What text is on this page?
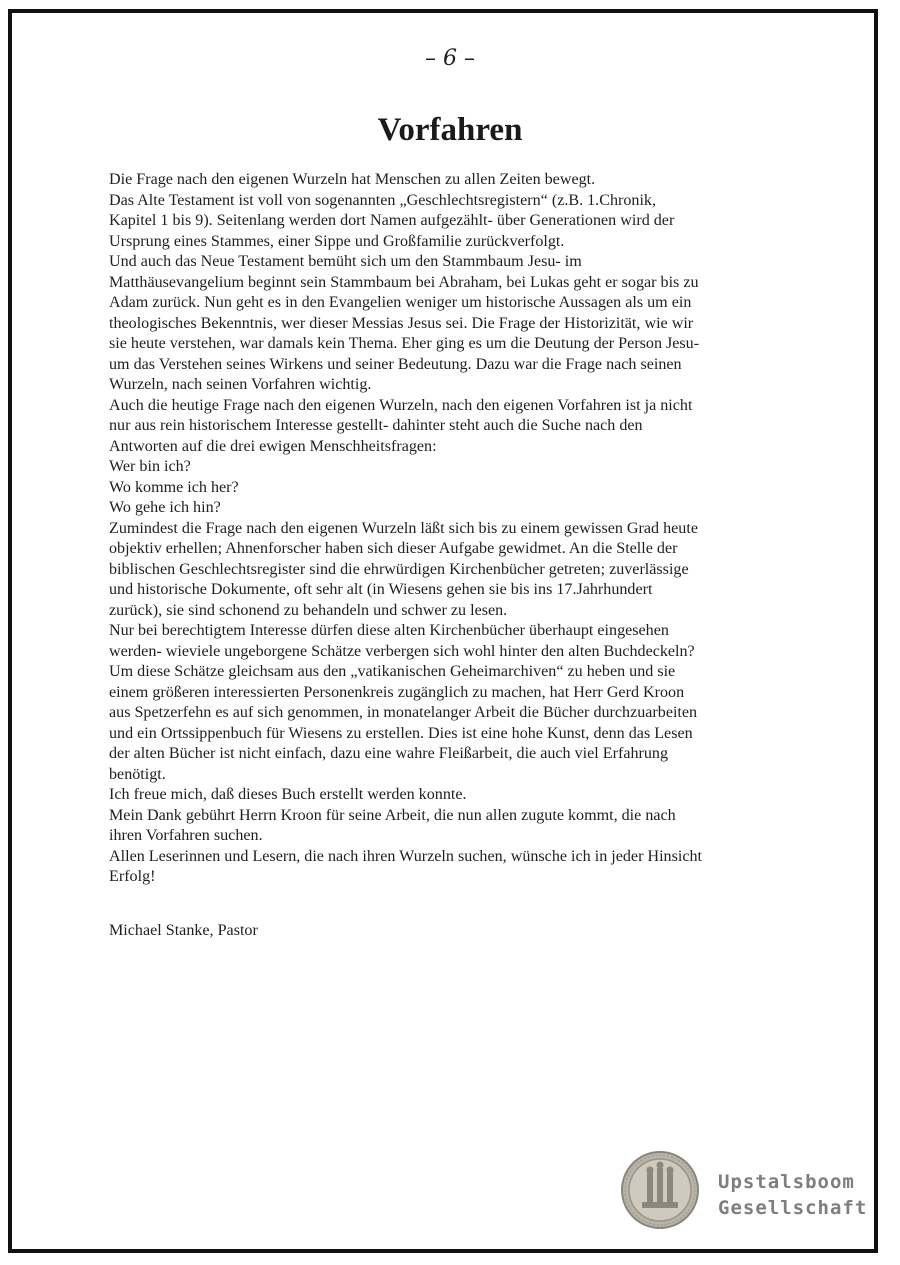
– 6 –
Vorfahren
Die Frage nach den eigenen Wurzeln hat Menschen zu allen Zeiten bewegt.
Das Alte Testament ist voll von sogenannten „Geschlechtsregistern“ (z.B. 1.Chronik,
Kapitel 1 bis 9). Seitenlang werden dort Namen aufgezählt- über Generationen wird der
Ursprung eines Stammes, einer Sippe und Großfamilie zurückverfolgt.
Und auch das Neue Testament bemüht sich um den Stammbaum Jesu- im
Matthäusevangelium beginnt sein Stammbaum bei Abraham, bei Lukas geht er sogar bis zu
Adam zurück. Nun geht es in den Evangelien weniger um historische Aussagen als um ein
theologisches Bekenntnis, wer dieser Messias Jesus sei. Die Frage der Historizität, wie wir
sie heute verstehen, war damals kein Thema. Eher ging es um die Deutung der Person Jesu-
um das Verstehen seines Wirkens und seiner Bedeutung. Dazu war die Frage nach seinen
Wurzeln, nach seinen Vorfahren wichtig.
Auch die heutige Frage nach den eigenen Wurzeln, nach den eigenen Vorfahren ist ja nicht
nur aus rein historischem Interesse gestellt- dahinter steht auch die Suche nach den
Antworten auf die drei ewigen Menschheitsfragen:
Wer bin ich?
Wo komme ich her?
Wo gehe ich hin?
Zumindest die Frage nach den eigenen Wurzeln läßt sich bis zu einem gewissen Grad heute
objektiv erhellen; Ahnenforscher haben sich dieser Aufgabe gewidmet. An die Stelle der
biblischen Geschlechtsregister sind die ehrwürdigen Kirchenbücher getreten; zuverlässige
und historische Dokumente, oft sehr alt (in Wiesens gehen sie bis ins 17.Jahrhundert
zurück), sie sind schonend zu behandeln und schwer zu lesen.
Nur bei berechtigtem Interesse dürfen diese alten Kirchenbücher überhaupt eingesehen
werden- wieviele ungeborgene Schätze verbergen sich wohl hinter den alten Buchdeckeln?
Um diese Schätze gleichsam aus den „vatikanischen Geheimarchiven“ zu heben und sie
einem größeren interessierten Personenkreis zugänglich zu machen, hat Herr Gerd Kroon
aus Spetzerfehn es auf sich genommen, in monatelanger Arbeit die Bücher durchzuarbeiten
und ein Ortssippenbuch für Wiesens zu erstellen. Dies ist eine hohe Kunst, denn das Lesen
der alten Bücher ist nicht einfach, dazu eine wahre Fleißarbeit, die auch viel Erfahrung
benötigt.
Ich freue mich, daß dieses Buch erstellt werden konnte.
Mein Dank gebührt Herrn Kroon für seine Arbeit, die nun allen zugute kommt, die nach
ihren Vorfahren suchen.
Allen Leserinnen und Lesern, die nach ihren Wurzeln suchen, wünsche ich in jeder Hinsicht
Erfolg!
Michael Stanke, Pastor
Upstalsboom
Gesellschaft
